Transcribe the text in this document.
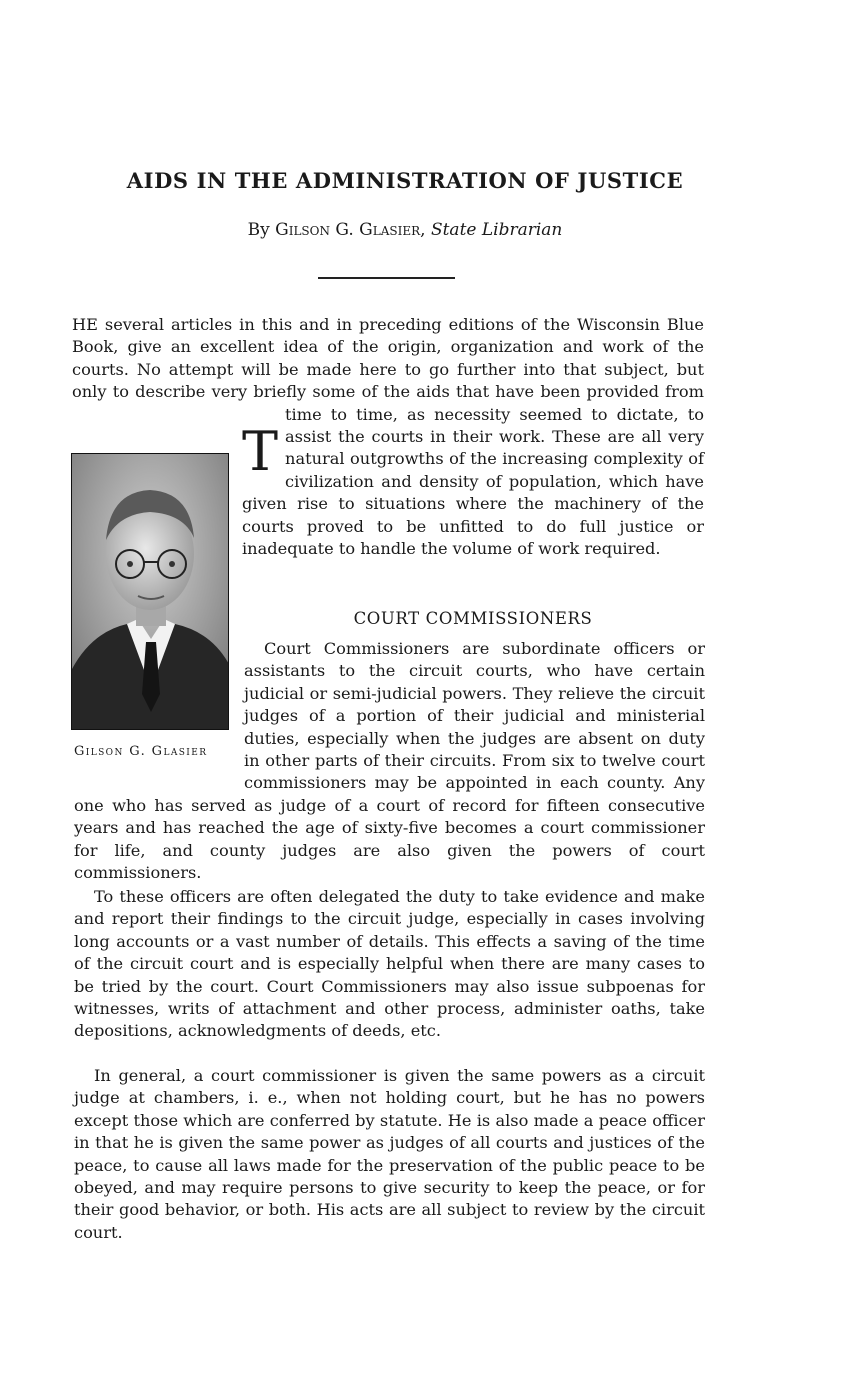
AIDS IN THE ADMINISTRATION OF JUSTICE
By Gilson G. Glasier, State Librarian
T
HE several articles in this and in preceding editions of the Wisconsin Blue Book, give an excellent idea of the origin, organization and work of the courts. No attempt will be made here to go further into that subject, but only to describe very briefly some of the aids that have been provided from time to time, as necessity seemed to dictate, to assist the courts in their work. These are all very natural outgrowths of the increasing complexity of civilization and density of population, which have given rise to situations where the machinery of the courts proved to be unfitted to do full justice or inadequate to handle the volume of work required.
Gilson G. Glasier
COURT COMMISSIONERS
Court Commissioners are subordinate officers or assistants to the circuit courts, who have certain judicial or semi-judicial powers. They relieve the circuit judges of a portion of their judicial and ministerial duties, especially when the judges are absent on duty in other parts of their circuits. From six to twelve court commissioners may be appointed in each county. Any one who has served as judge of a court of record for fifteen consecutive years and has reached the age of sixty-five becomes a court commissioner for life, and county judges are also given the powers of court commissioners.
To these officers are often delegated the duty to take evidence and make and report their findings to the circuit judge, especially in cases involving long accounts or a vast number of details. This effects a saving of the time of the circuit court and is especially helpful when there are many cases to be tried by the court. Court Commissioners may also issue subpoenas for witnesses, writs of attachment and other process, administer oaths, take depositions, acknowledgments of deeds, etc.
In general, a court commissioner is given the same powers as a circuit judge at chambers, i. e., when not holding court, but he has no powers except those which are conferred by statute. He is also made a peace officer in that he is given the same power as judges of all courts and justices of the peace, to cause all laws made for the preservation of the public peace to be obeyed, and may require persons to give security to keep the peace, or for their good behavior, or both. His acts are all subject to review by the circuit court.
